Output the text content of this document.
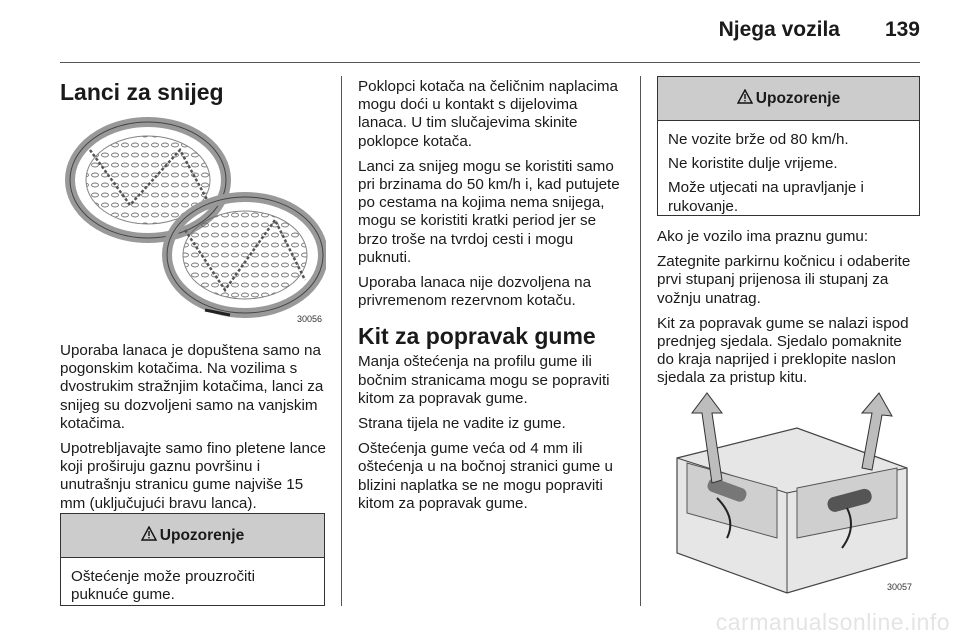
Njega vozila 139
Lanci za snijeg
30056

Uporaba lanaca je dopuštena samo na pogonskim kotačima. Na vozilima s dvostrukim stražnjim kotačima, lanci za snijeg su dozvoljeni samo na vanjskim kotačima.

Upotrebljavajte samo fino pletene lance koji proširuju gaznu površinu i unutrašnju stranicu gume najviše 15 mm (uključujući bravu lanca).

Upozorenje

Oštećenje može prouzročiti puknuće gume.

Poklopci kotača na čeličnim naplacima mogu doći u kontakt s dijelovima lanaca. U tim slučajevima skinite poklopce kotača.

Lanci za snijeg mogu se koristiti samo pri brzinama do 50 km/h i, kad putujete po cestama na kojima nema snijega, mogu se koristiti kratki period jer se brzo troše na tvrdoj cesti i mogu puknuti.

Uporaba lanaca nije dozvoljena na privremenom rezervnom kotaču.

Kit za popravak gume

Manja oštećenja na profilu gume ili bočnim stranicama mogu se popraviti kitom za popravak gume.

Strana tijela ne vadite iz gume.

Oštećenja gume veća od 4 mm ili oštećenja u na bočnoj stranici gume u blizini naplatka se ne mogu popraviti kitom za popravak gume.

Upozorenje

Ne vozite brže od 80 km/h.

Ne koristite dulje vrijeme.

Može utjecati na upravljanje i rukovanje.

Ako je vozilo ima praznu gumu:

Zategnite parkirnu kočnicu i odaberite prvi stupanj prijenosa ili stupanj za vožnju unatrag.

Kit za popravak gume se nalazi ispod prednjeg sjedala. Sjedalo pomaknite do kraja naprijed i preklopite naslon sjedala za pristup kitu.

30057
carmanualsonline.info
